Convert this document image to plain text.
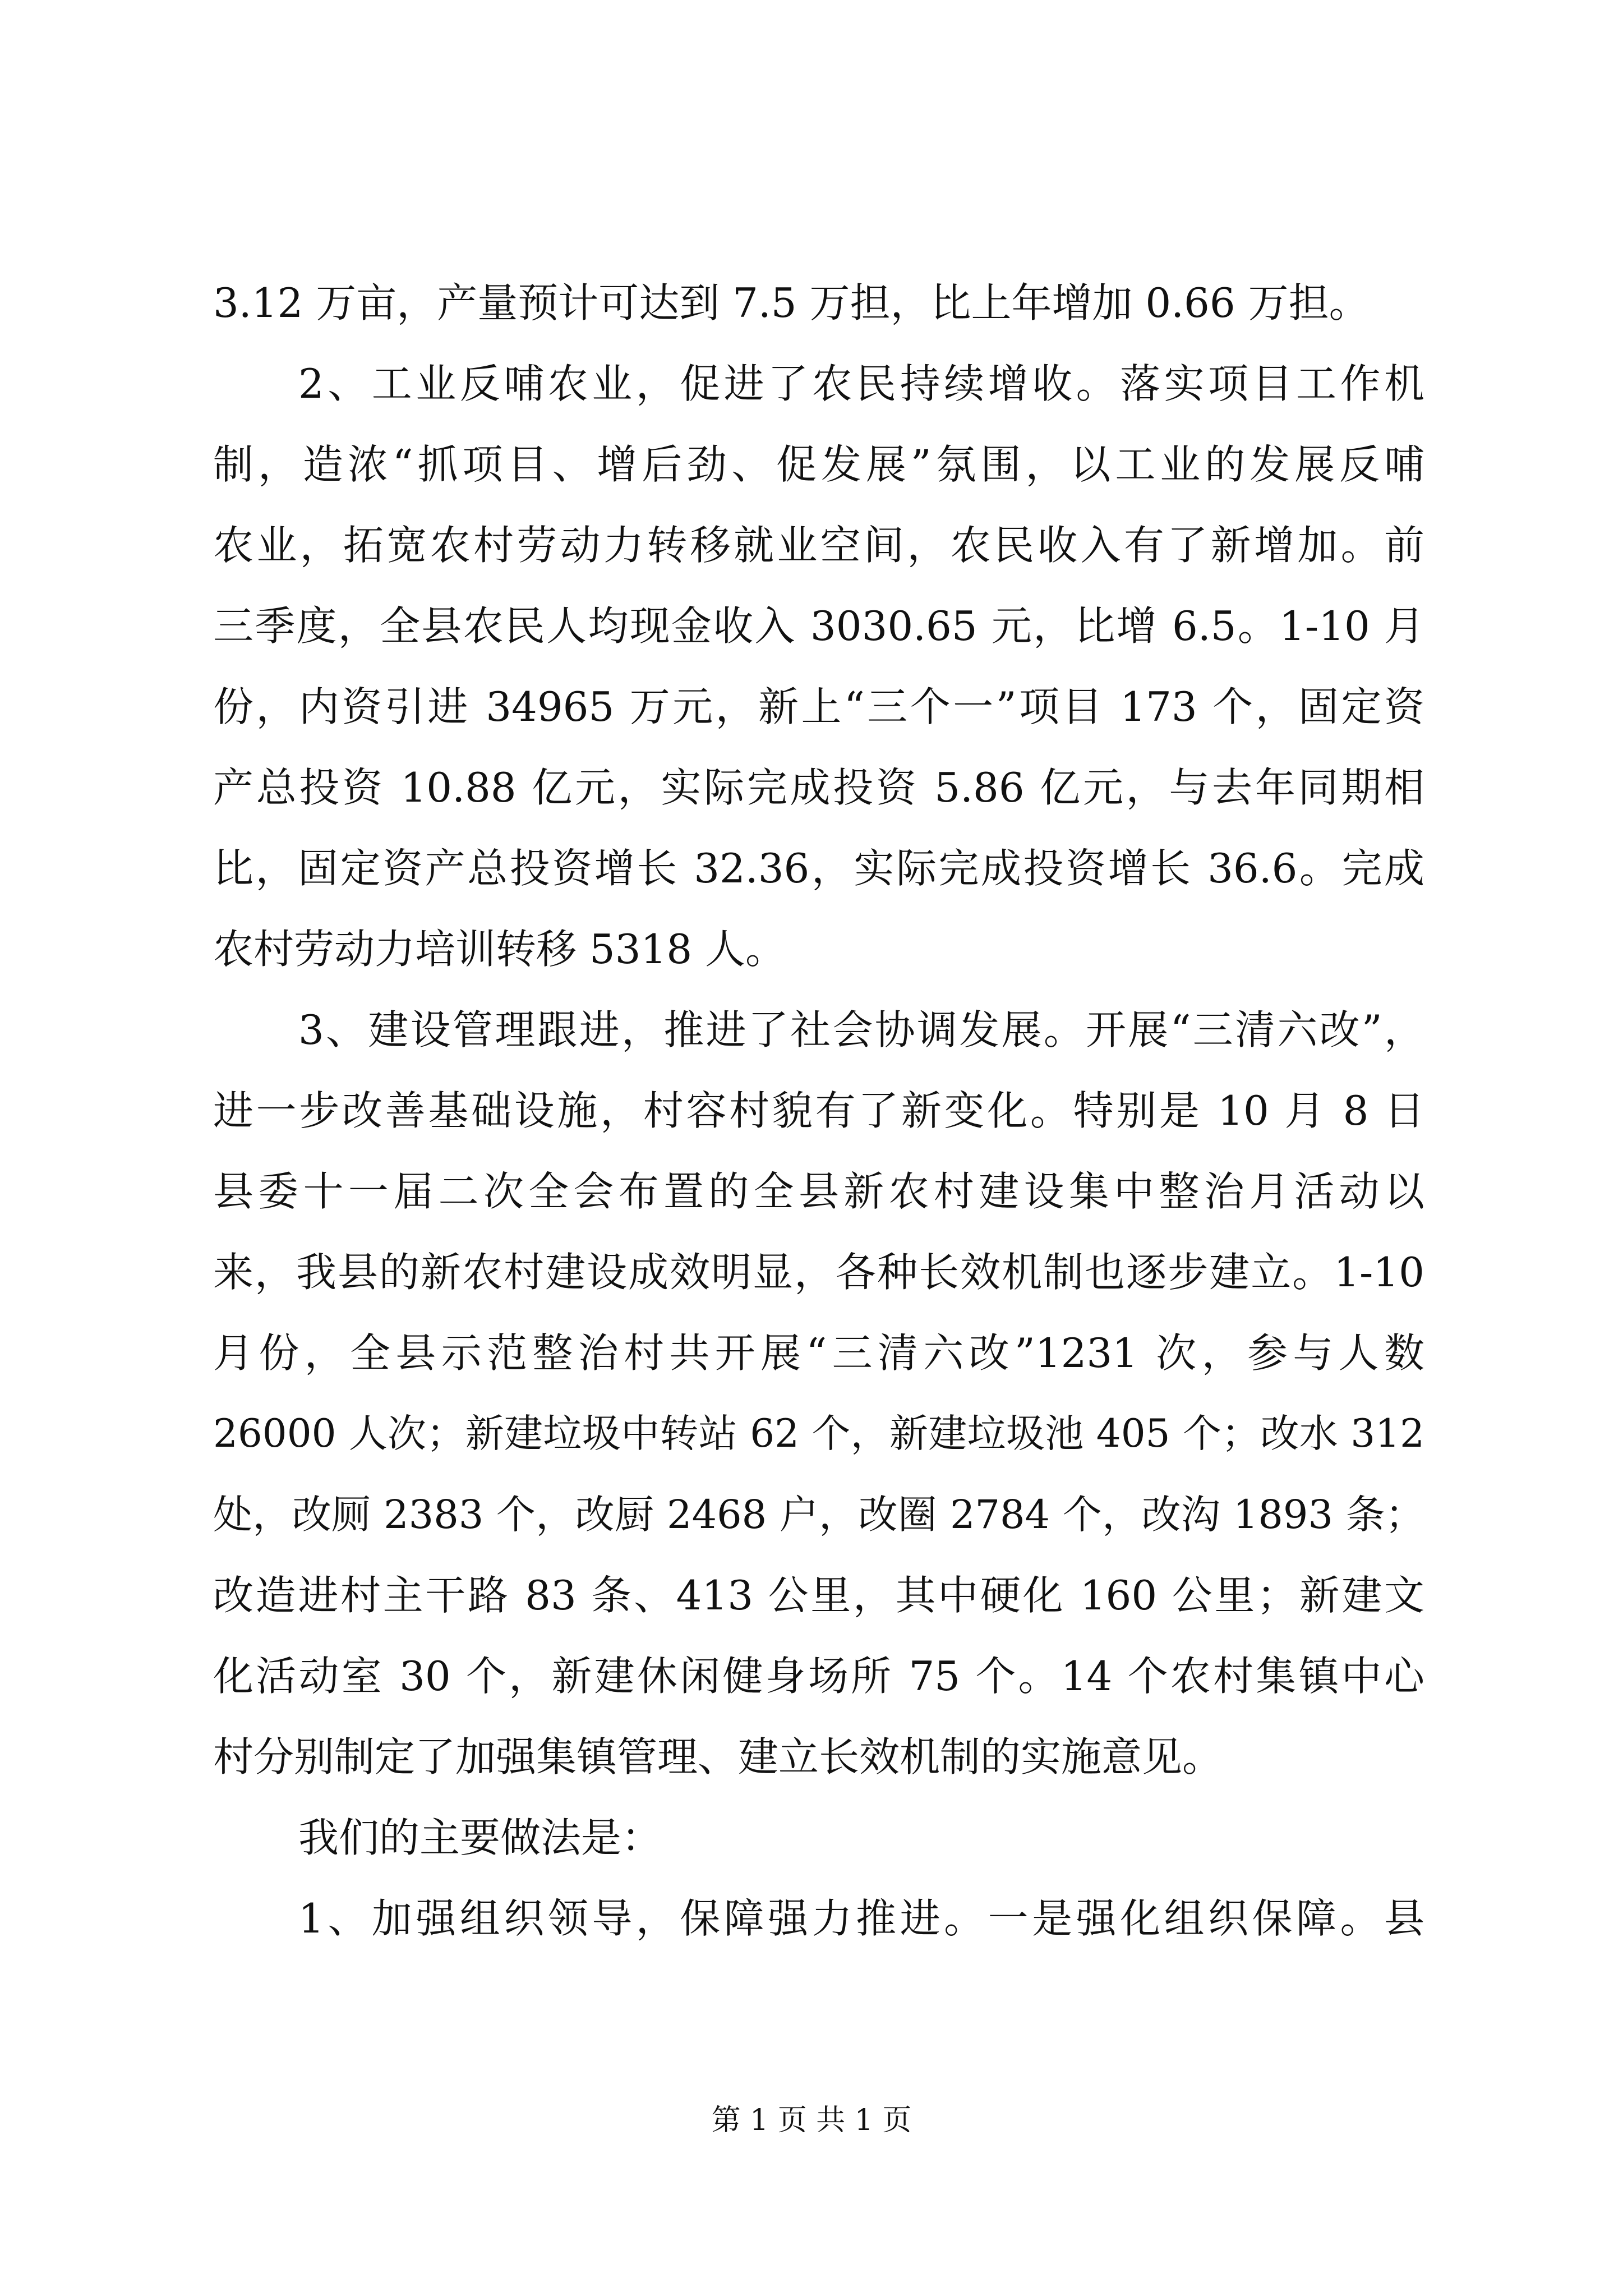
3.12 万亩，产量预计可达到 7.5 万担，比上年增加 0.66 万担。
2、工业反哺农业，促进了农民持续增收。落实项目工作机
制，造浓“抓项目、增后劲、促发展”氛围，以工业的发展反哺
农业，拓宽农村劳动力转移就业空间，农民收入有了新增加。前
三季度，全县农民人均现金收入 3030.65 元，比增 6.5。1-10 月
份，内资引进 34965 万元，新上“三个一”项目 173 个，固定资
产总投资 10.88 亿元，实际完成投资 5.86 亿元，与去年同期相
比，固定资产总投资增长 32.36，实际完成投资增长 36.6。完成
农村劳动力培训转移 5318 人。
3、建设管理跟进，推进了社会协调发展。开展“三清六改”，
进一步改善基础设施，村容村貌有了新变化。特别是 10 月 8 日
县委十一届二次全会布置的全县新农村建设集中整治月活动以
来，我县的新农村建设成效明显，各种长效机制也逐步建立。1-10
月份，全县示范整治村共开展“三清六改”1231 次，参与人数
26000 人次；新建垃圾中转站 62 个，新建垃圾池 405 个；改水 312
处，改厕 2383 个，改厨 2468 户，改圈 2784 个，改沟 1893 条；
改造进村主干路 83 条、413 公里，其中硬化 160 公里；新建文
化活动室 30 个，新建休闲健身场所 75 个。14 个农村集镇中心
村分别制定了加强集镇管理、建立长效机制的实施意见。
我们的主要做法是：
1、加强组织领导，保障强力推进。一是强化组织保障。县
第 1 页 共 1 页
